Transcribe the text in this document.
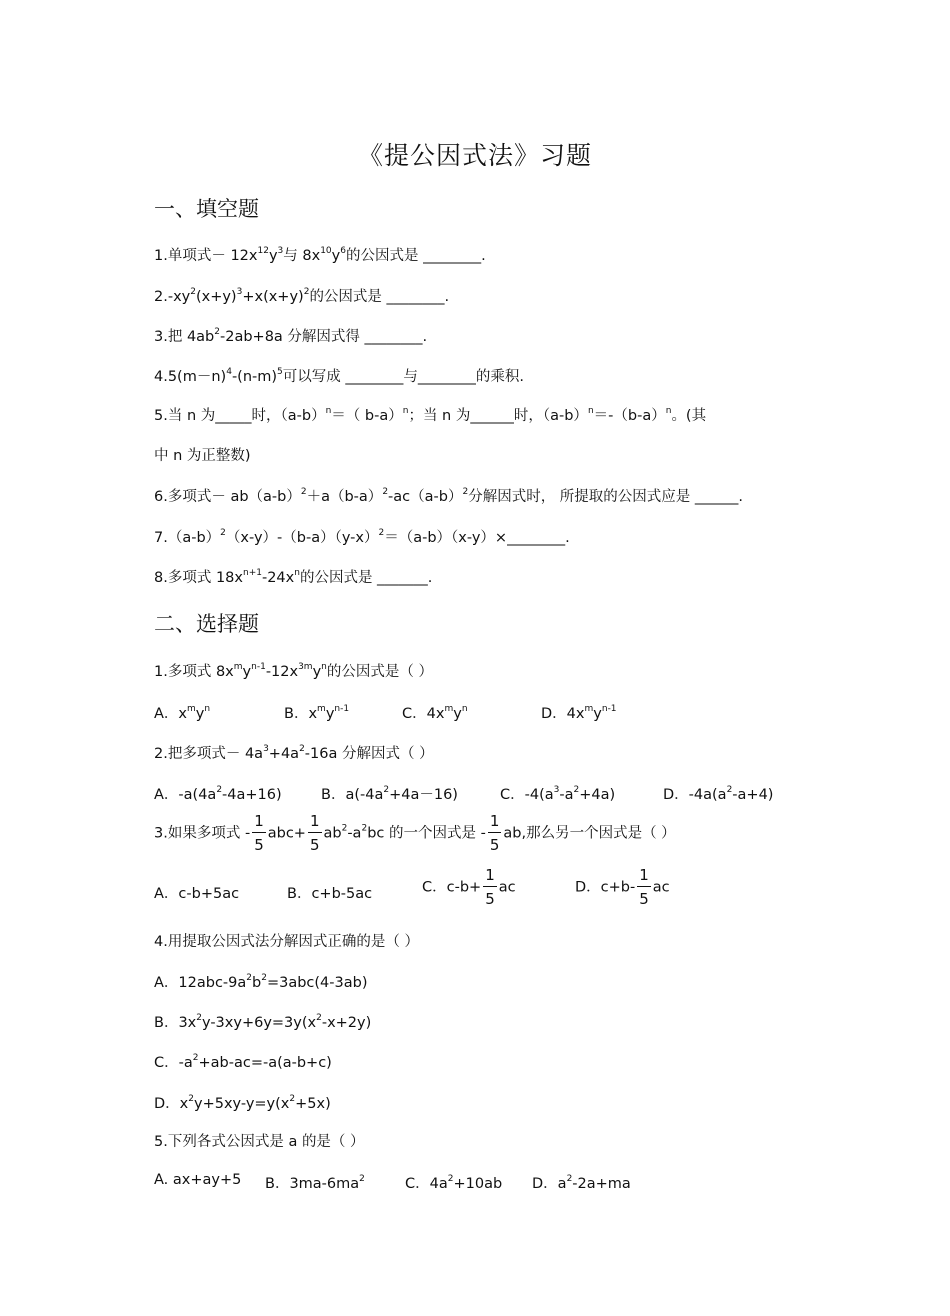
《提公因式法》习题
一、填空题
1.单项式－ $12x^{12}y^3$与 $8x^{10}y^6$的公因式是 ________.
$2.-xy^2(x+y)^3+x(x+y)^2$的公因式是 ________.
3.把 $4ab^2-2ab+8a$ 分解因式得 ________.
$4.5(m-n)^4-(n-m)^5$可以写成 ________与________的乘积.
5.当 n 为_____时，$(a-b)^n=$（ b-a）$^n$；当 n 为______时，$(a-b)^n=-(b-a)^n$。(其
中 n 为正整数)
6.多项式－ $ab(a-b)^2+a(b-a)^2-ac(a-b)^2$分解因式时， 所提取的公因式应是 ______.
$7.(a-b)^2(x-y)-(b-a)(y-x)^2=(a-b)(x-y)\times\_\_\_\_\_\_\_\_$.
8.多项式 $18x^{n+1}-24x^n$的公因式是 _______.
二、选择题
1.多项式 $8x^my^{n-1}-12x^{3m}y^n$的公因式是（ ）
A．$x^my^n$	B．$x^my^{n-1}$	C．$4x^my^n$	D．$4x^my^{n-1}$
2.把多项式－ $4a^3+4a^2-16a$ 分解因式（ ）
A．$-a(4a^2-4a+16)$	B．$a(-4a^2+4a-16)$	C．$-4(a^3-a^2+4a)$	D．$-4a(a^2-a+4)$
3.如果多项式 - $\frac{1}{5} abc+ \frac{1}{5} ab^2-a^2bc$ 的一个因式是 - $\frac{1}{5}$ ab,那么另一个因式是（ ）
A．c-b+5ac	B．c+b-5ac	C．$c-b+ \frac{1}{5}$ ac	D．$c+b- \frac{1}{5}$ ac
4.用提取公因式法分解因式正确的是（ ）
A．$12abc-9a^2b^2=3abc(4-3ab)$
B．$3x^2y-3xy+6y=3y(x^2-x+2y)$
C．$-a^2+ab-ac=-a(a-b+c)$
D．$x^2y+5xy-y=y(x^2+5x)$
5.下列各式公因式是 a 的是（ ）
A. ax+ay+5 B．$3ma-6ma^2$	C．$4a^2+10ab$ D．$a^2-2a+ma$
